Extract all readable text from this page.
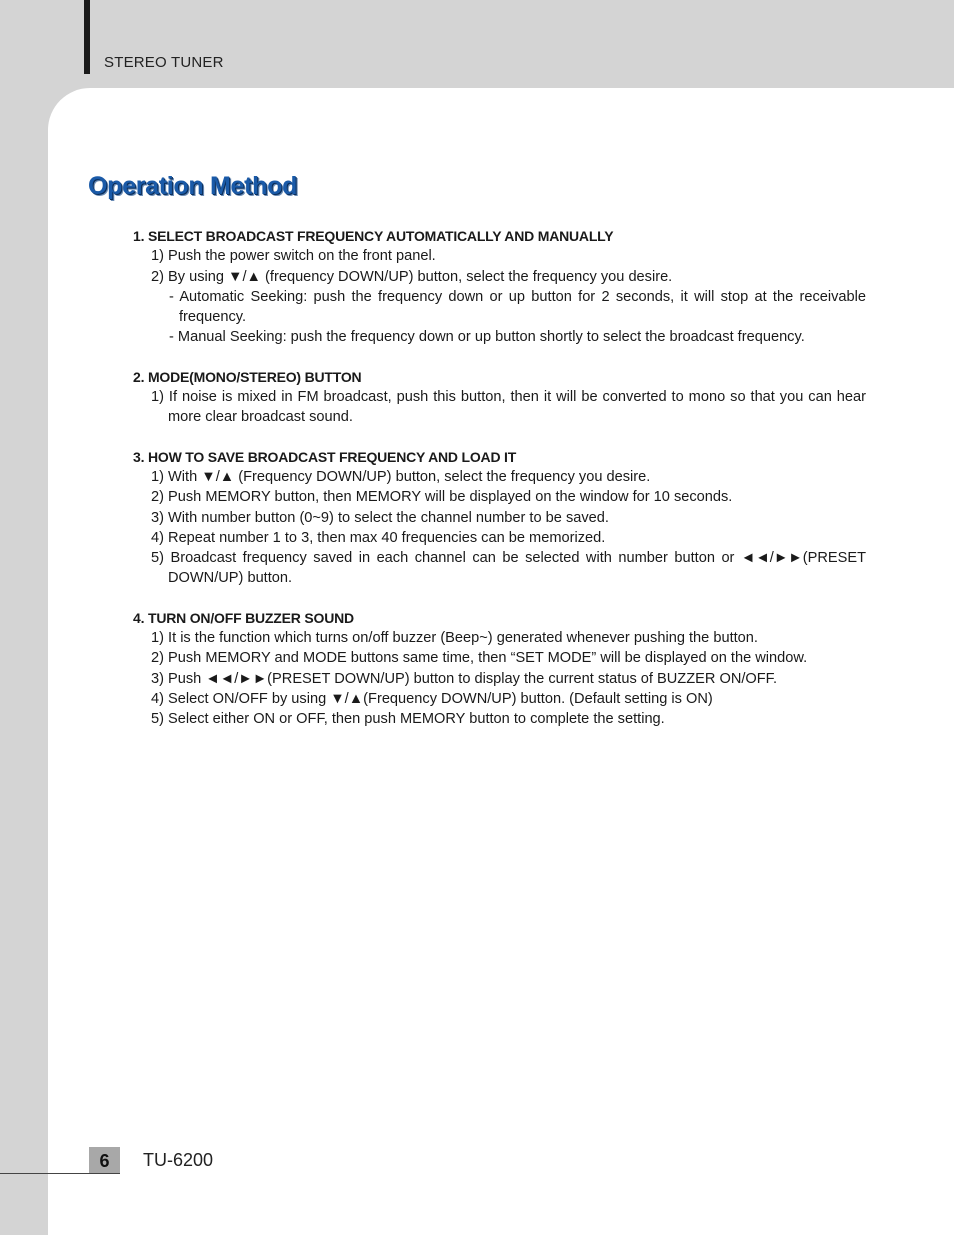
STEREO TUNER
Operation Method
1. SELECT BROADCAST FREQUENCY AUTOMATICALLY AND MANUALLY
1) Push the power switch on the front panel.
2) By using ▼/▲ (frequency DOWN/UP) button, select the frequency you desire.
- Automatic Seeking: push the frequency down or up button for 2 seconds, it will stop at the receivable frequency.
- Manual Seeking: push the frequency down or up button shortly to select the broadcast frequency.
2. MODE(MONO/STEREO) BUTTON
1) If noise is mixed in FM broadcast, push this button, then it will be converted to mono so that you can hear more clear broadcast sound.
3. HOW TO SAVE BROADCAST FREQUENCY AND LOAD IT
1) With ▼/▲ (Frequency DOWN/UP) button, select the frequency you desire.
2) Push MEMORY button, then MEMORY will be displayed on the window for 10 seconds.
3) With number button (0~9) to select the channel number to be saved.
4) Repeat number 1 to 3, then max 40 frequencies can be memorized.
5) Broadcast frequency saved in each channel can be selected with number button or ◄◄/►►(PRESET DOWN/UP) button.
4. TURN ON/OFF BUZZER SOUND
1) It is the function which turns on/off buzzer (Beep~) generated whenever pushing the button.
2) Push MEMORY and MODE buttons same time, then “SET MODE” will be displayed on the window.
3) Push ◄◄/►►(PRESET DOWN/UP) button to display the current status of BUZZER ON/OFF.
4) Select ON/OFF by using ▼/▲(Frequency DOWN/UP) button. (Default setting is ON)
5) Select either ON or OFF, then push MEMORY button to complete the setting.
6	TU-6200
